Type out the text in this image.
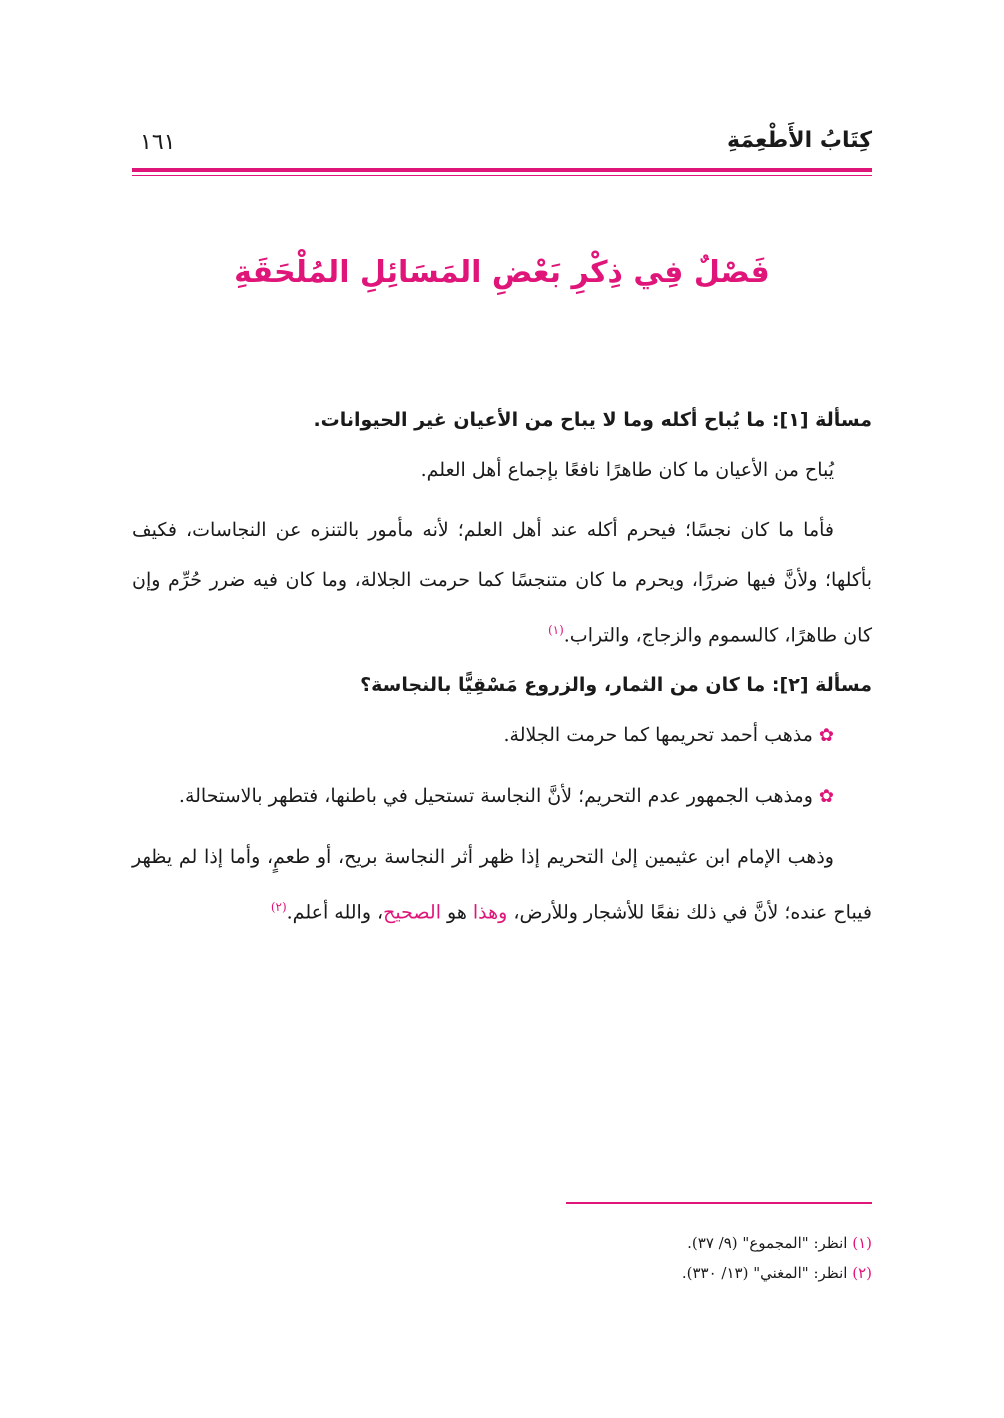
كِتَابُ الأَطْعِمَةِ
١٦١
فَصْلٌ فِي ذِكْرِ بَعْضِ المَسَائِلِ المُلْحَقَةِ

مسألة [١]: ما يُباح أكله وما لا يباح من الأعيان غير الحيوانات.

يُباح من الأعيان ما كان طاهرًا نافعًا بإجماع أهل العلم.

فأما ما كان نجسًا؛ فيحرم أكله عند أهل العلم؛ لأنه مأمور بالتنزه عن النجاسات، فكيف بأكلها؛ ولأنَّ فيها ضررًا، ويحرم ما كان متنجسًا كما حرمت الجلالة، وما كان فيه ضرر حُرِّم وإن كان طاهرًا، كالسموم والزجاج، والتراب.$^{(١)}$

مسألة [٢]: ما كان من الثمار، والزروع مَسْقِيًّا بالنجاسة؟

✿مذهب أحمد تحريمها كما حرمت الجلالة.

✿ومذهب الجمهور عدم التحريم؛ لأنَّ النجاسة تستحيل في باطنها، فتطهر بالاستحالة.

وذهب الإمام ابن عثيمين إلىٰ التحريم إذا ظهر أثر النجاسة بريح، أو طعمٍ، وأما إذا لم يظهر فيباح عنده؛ لأنَّ في ذلك نفعًا للأشجار وللأرض، وهذا هو الصحيح، والله أعلم.$^{(٢)}$

(١) انظر: "المجموع" (٩/ ٣٧).
(٢) انظر: "المغني" (١٣/ ٣٣٠).
